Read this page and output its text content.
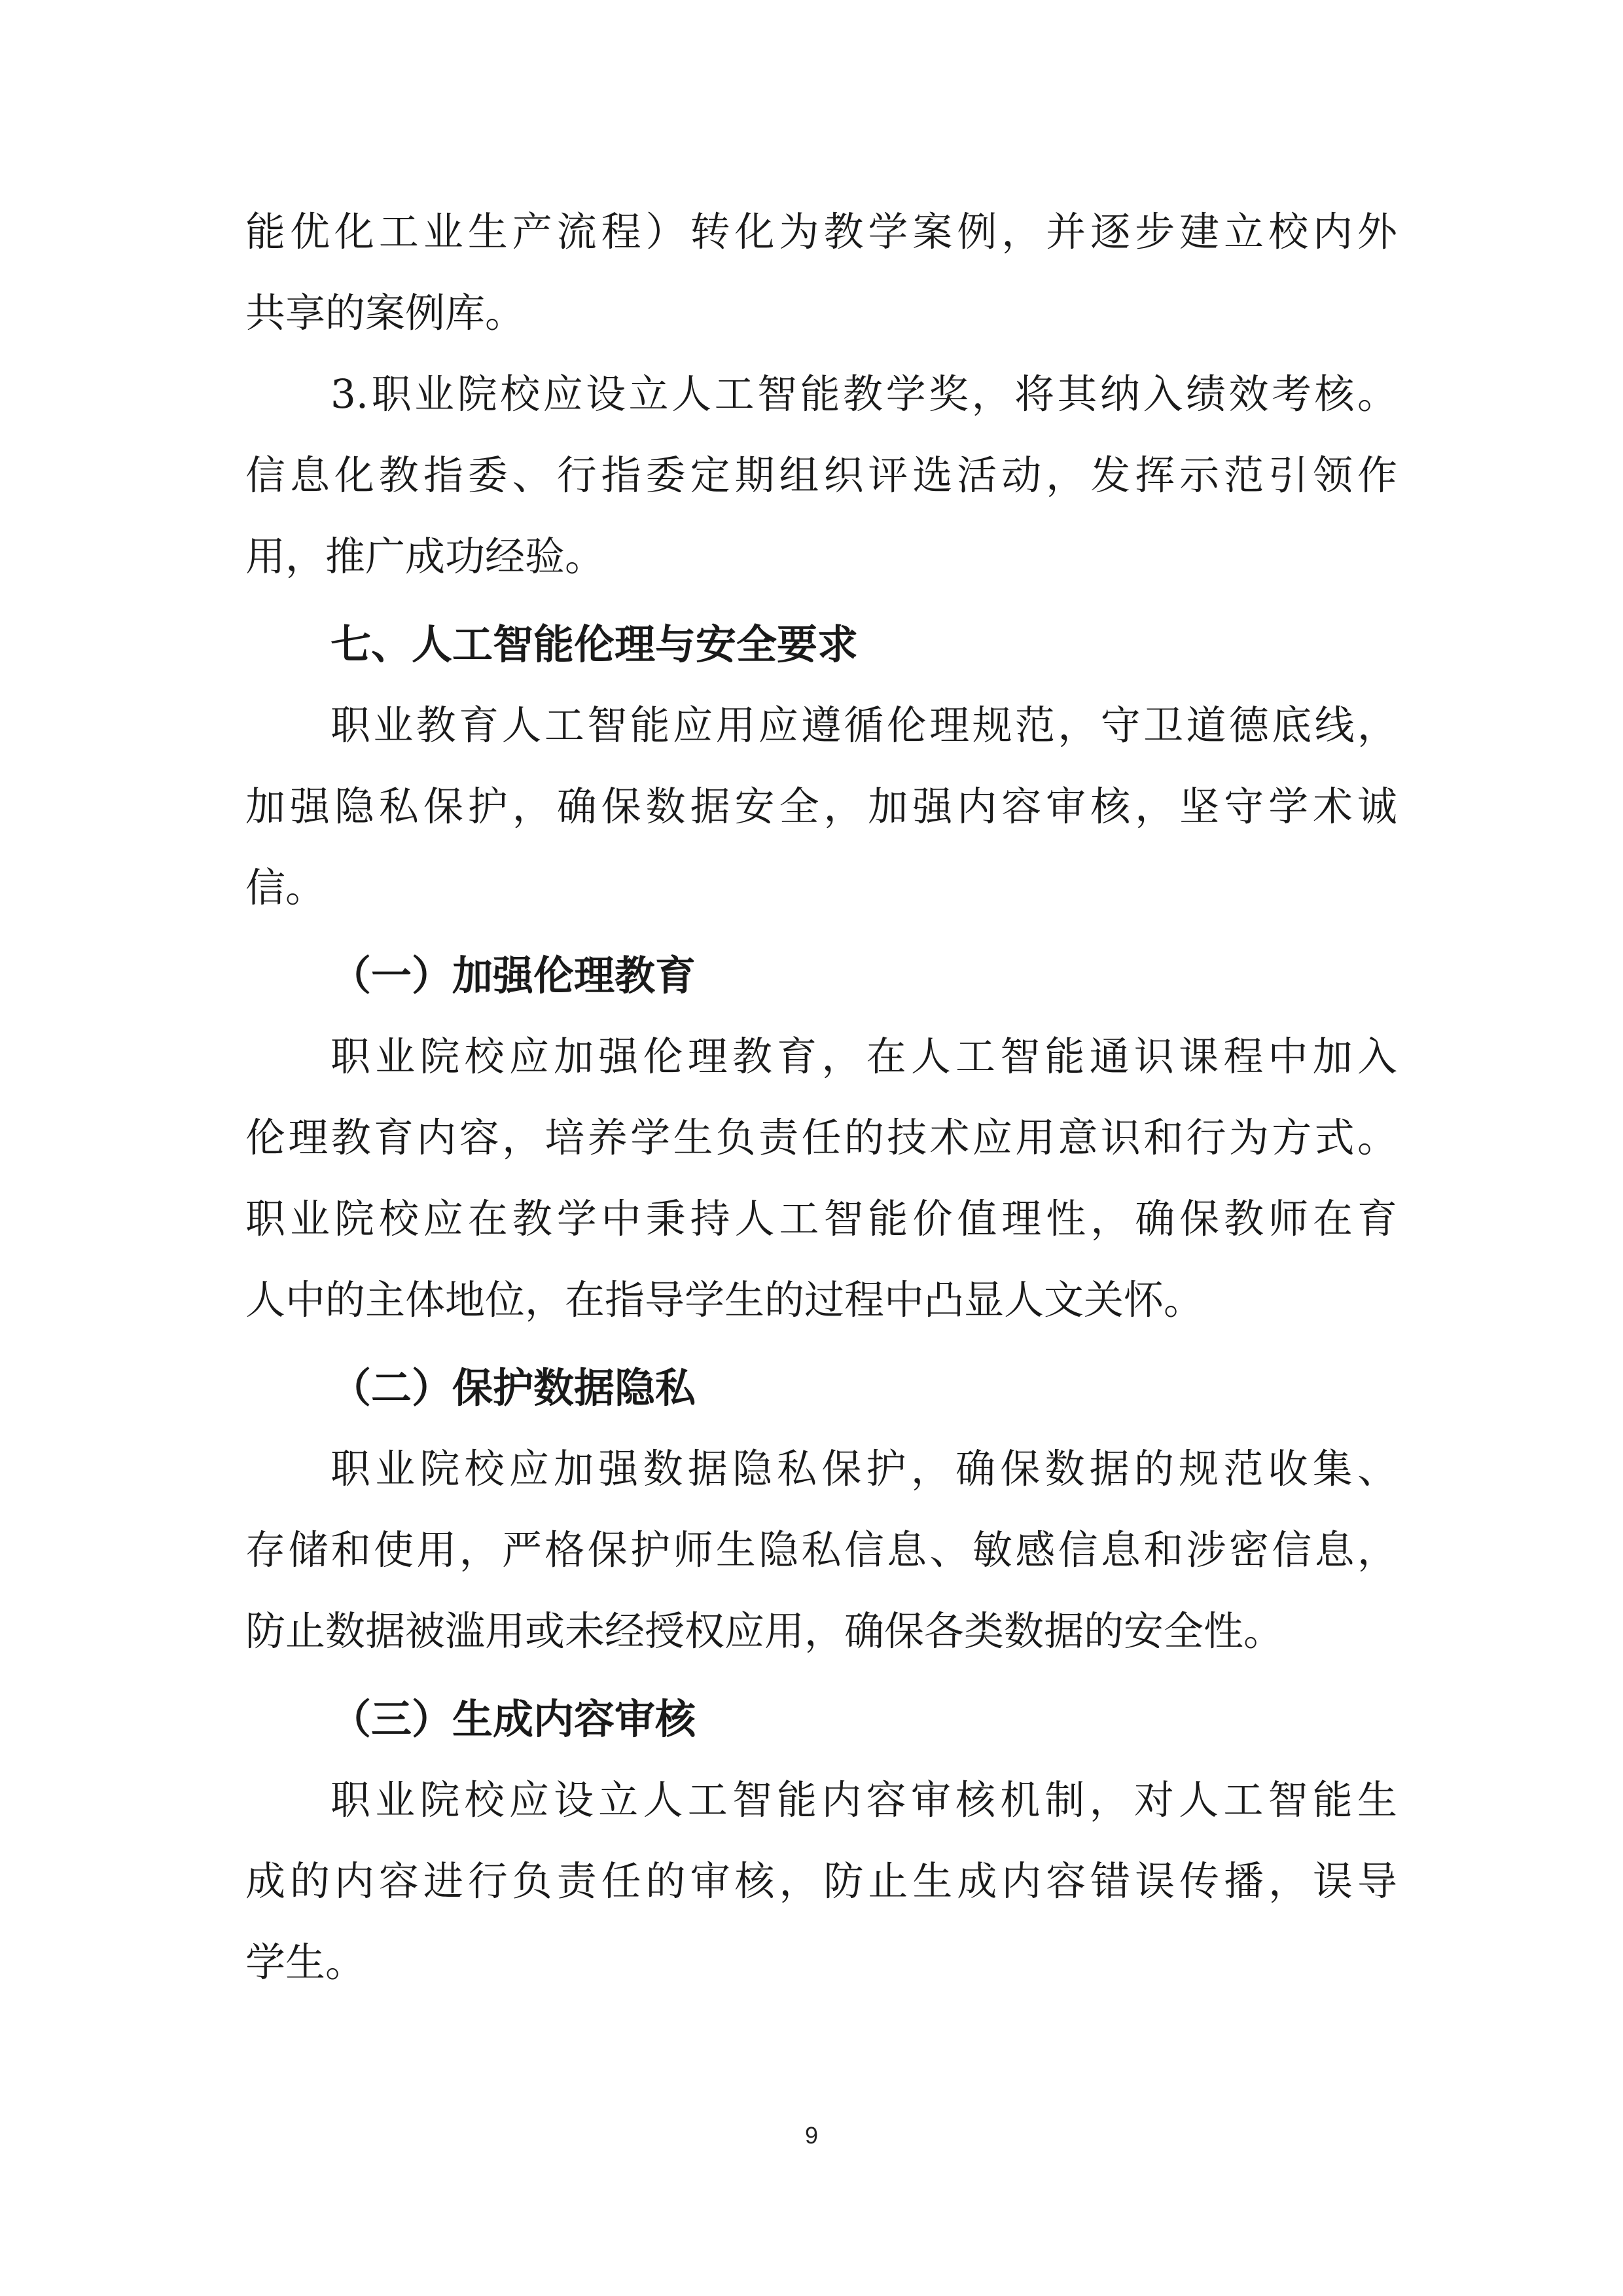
能优化工业生产流程）转化为教学案例，并逐步建立校内外
共享的案例库。
3.职业院校应设立人工智能教学奖，将其纳入绩效考核。
信息化教指委、行指委定期组织评选活动，发挥示范引领作
用，推广成功经验。
七、人工智能伦理与安全要求
职业教育人工智能应用应遵循伦理规范，守卫道德底线，
加强隐私保护，确保数据安全，加强内容审核，坚守学术诚
信。
（一）加强伦理教育
职业院校应加强伦理教育，在人工智能通识课程中加入
伦理教育内容，培养学生负责任的技术应用意识和行为方式。
职业院校应在教学中秉持人工智能价值理性，确保教师在育
人中的主体地位，在指导学生的过程中凸显人文关怀。
（二）保护数据隐私
职业院校应加强数据隐私保护，确保数据的规范收集、
存储和使用，严格保护师生隐私信息、敏感信息和涉密信息，
防止数据被滥用或未经授权应用，确保各类数据的安全性。
（三）生成内容审核
职业院校应设立人工智能内容审核机制，对人工智能生
成的内容进行负责任的审核，防止生成内容错误传播，误导
学生。
9
